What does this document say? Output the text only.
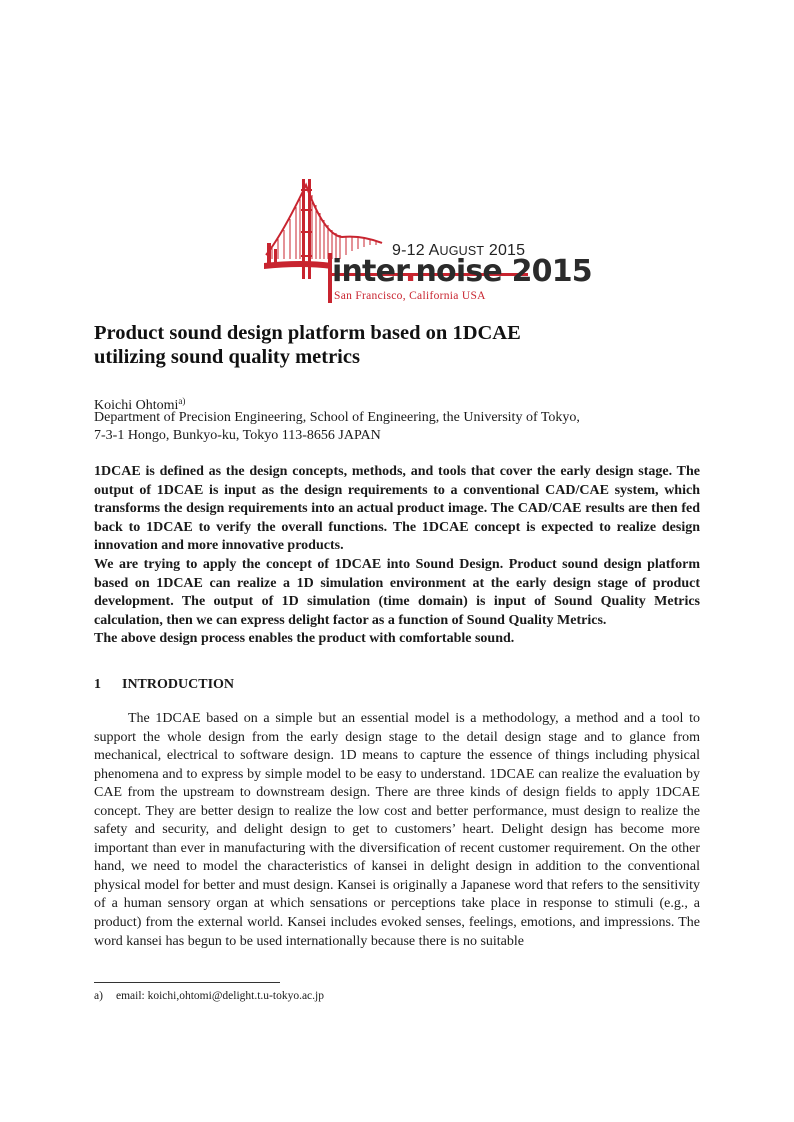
9-12 AUGUST 2015
inter.noise 2015
San Francisco, California USA
Product sound design platform based on 1DCAE
utilizing sound quality metrics
Koichi Ohtomi$^{a)}$
Department of Precision Engineering, School of Engineering, the University of Tokyo,
7-3-1 Hongo, Bunkyo-ku, Tokyo 113-8656 JAPAN

1DCAE is defined as the design concepts, methods, and tools that cover the early design stage. The output of 1DCAE is input as the design requirements to a conventional CAD/CAE system, which transforms the design requirements into an actual product image. The CAD/CAE results are then fed back to 1DCAE to verify the overall functions. The 1DCAE concept is expected to realize design innovation and more innovative products.

We are trying to apply the concept of 1DCAE into Sound Design. Product sound design platform based on 1DCAE can realize a 1D simulation environment at the early design stage of product development. The output of 1D simulation (time domain) is input of Sound Quality Metrics calculation, then we can express delight factor as a function of Sound Quality Metrics.

The above design process enables the product with comfortable sound.

1 INTRODUCTION

The 1DCAE based on a simple but an essential model is a methodology, a method and a tool to support the whole design from the early design stage to the detail design stage and to glance from mechanical, electrical to software design. 1D means to capture the essence of things including physical phenomena and to express by simple model to be easy to understand. 1DCAE can realize the evaluation by CAE from the upstream to downstream design. There are three kinds of design fields to apply 1DCAE concept. They are better design to realize the low cost and better performance, must design to realize the safety and security, and delight design to get to customers’ heart. Delight design has become more important than ever in manufacturing with the diversification of recent customer requirement. On the other hand, we need to model the characteristics of kansei in delight design in addition to the conventional physical model for better and must design. Kansei is originally a Japanese word that refers to the sensitivity of a human sensory organ at which sensations or perceptions take place in response to stimuli (e.g., a product) from the external world. Kansei includes evoked senses, feelings, emotions, and impressions. The word kansei has begun to be used internationally because there is no suitable

a) email: koichi,ohtomi@delight.t.u-tokyo.ac.jp
